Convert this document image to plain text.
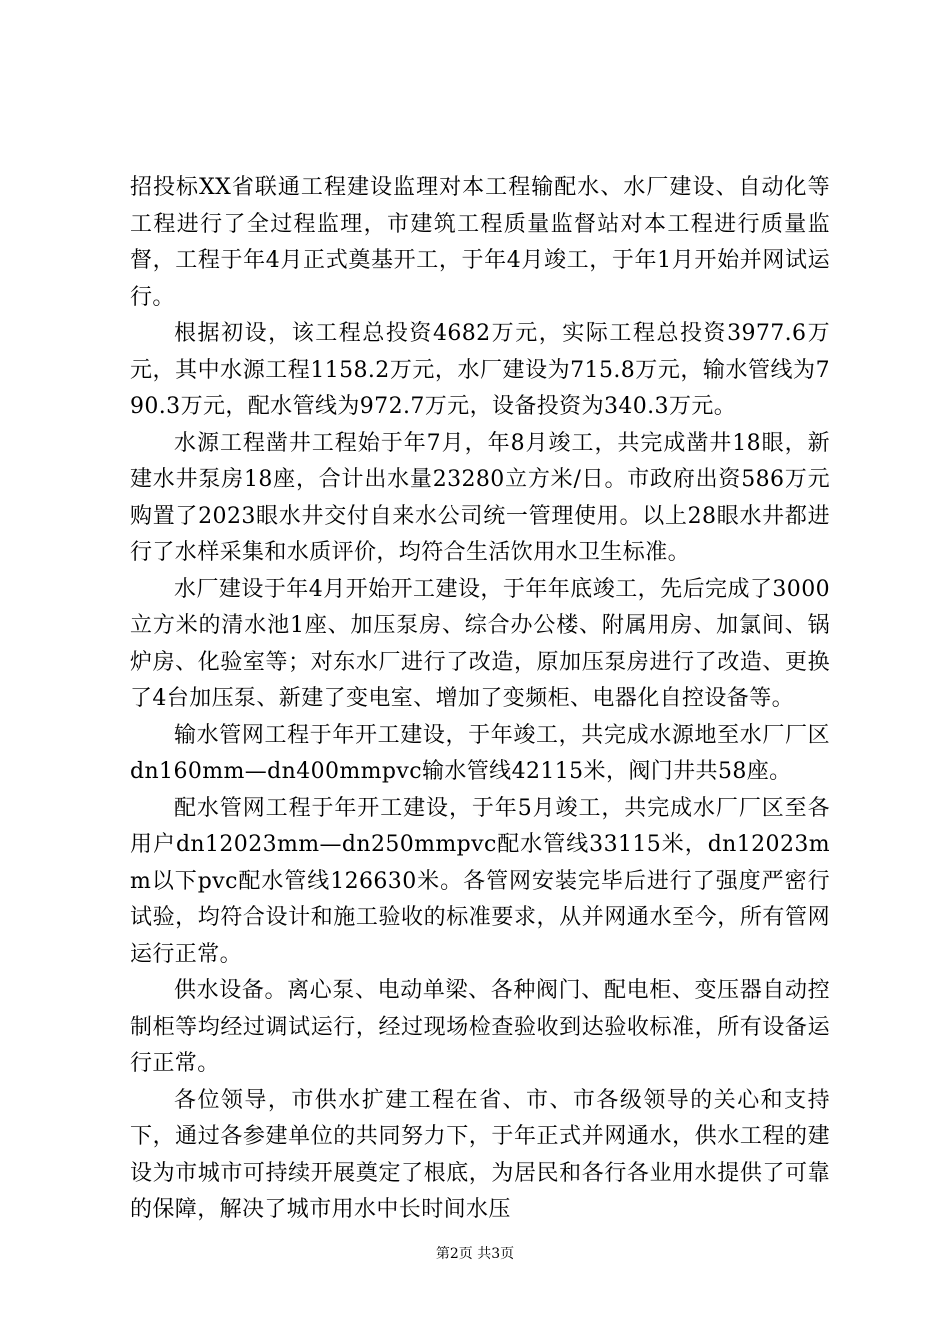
招投标XX省联通工程建设监理对本工程输配水、水厂建设、自动化等工程进行了全过程监理，市建筑工程质量监督站对本工程进行质量监督，工程于年4月正式奠基开工，于年4月竣工，于年1月开始并网试运行。

根据初设，该工程总投资4682万元，实际工程总投资3977.6万元，其中水源工程1158.2万元，水厂建设为715.8万元，输水管线为790.3万元，配水管线为972.7万元，设备投资为340.3万元。

水源工程凿井工程始于年7月，年8月竣工，共完成凿井18眼，新建水井泵房18座，合计出水量23280立方米/日。市政府出资586万元购置了2023眼水井交付自来水公司统一管理使用。以上28眼水井都进行了水样采集和水质评价，均符合生活饮用水卫生标准。

水厂建设于年4月开始开工建设，于年年底竣工，先后完成了3000立方米的清水池1座、加压泵房、综合办公楼、附属用房、加氯间、锅炉房、化验室等；对东水厂进行了改造，原加压泵房进行了改造、更换了4台加压泵、新建了变电室、增加了变频柜、电器化自控设备等。

输水管网工程于年开工建设，于年竣工，共完成水源地至水厂厂区dn160mm—dn400mmpvc输水管线42115米，阀门井共58座。

配水管网工程于年开工建设，于年5月竣工，共完成水厂厂区至各用户dn12023mm—dn250mmpvc配水管线33115米，dn12023mm以下pvc配水管线126630米。各管网安装完毕后进行了强度严密行试验，均符合设计和施工验收的标准要求，从并网通水至今，所有管网运行正常。

供水设备。离心泵、电动单梁、各种阀门、配电柜、变压器自动控制柜等均经过调试运行，经过现场检查验收到达验收标准，所有设备运行正常。

各位领导，市供水扩建工程在省、市、市各级领导的关心和支持下，通过各参建单位的共同努力下，于年正式并网通水，供水工程的建设为市城市可持续开展奠定了根底，为居民和各行各业用水提供了可靠的保障，解决了城市用水中长时间水压

第2页 共3页
